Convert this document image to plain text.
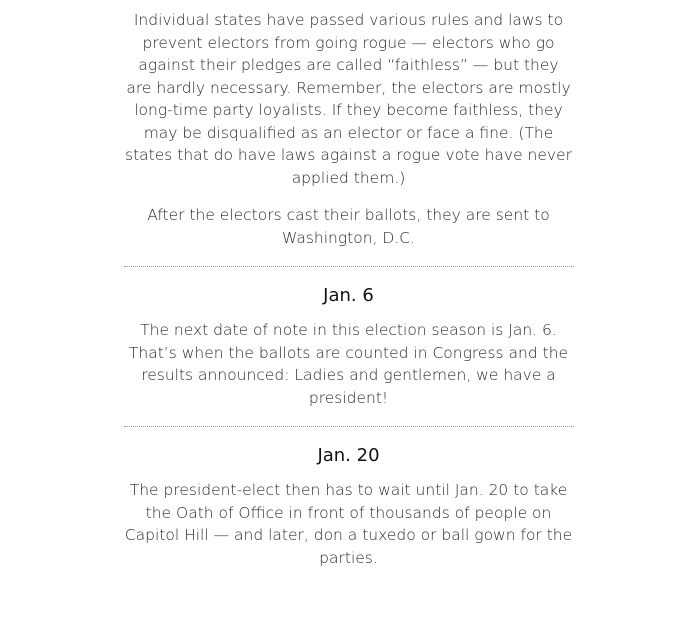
Individual states have passed various rules and laws to prevent electors from going rogue — electors who go against their pledges are called “faithless” — but they are hardly necessary. Remember, the electors are mostly long-time party loyalists. If they become faithless, they may be disqualified as an elector or face a fine. (The states that do have laws against a rogue vote have never applied them.)

After the electors cast their ballots, they are sent to Washington, D.C.

Jan. 6

The next date of note in this election season is Jan. 6. That’s when the ballots are counted in Congress and the results announced: Ladies and gentlemen, we have a president!

Jan. 20

The president-elect then has to wait until Jan. 20 to take the Oath of Office in front of thousands of people on Capitol Hill — and later, don a tuxedo or ball gown for the parties.
